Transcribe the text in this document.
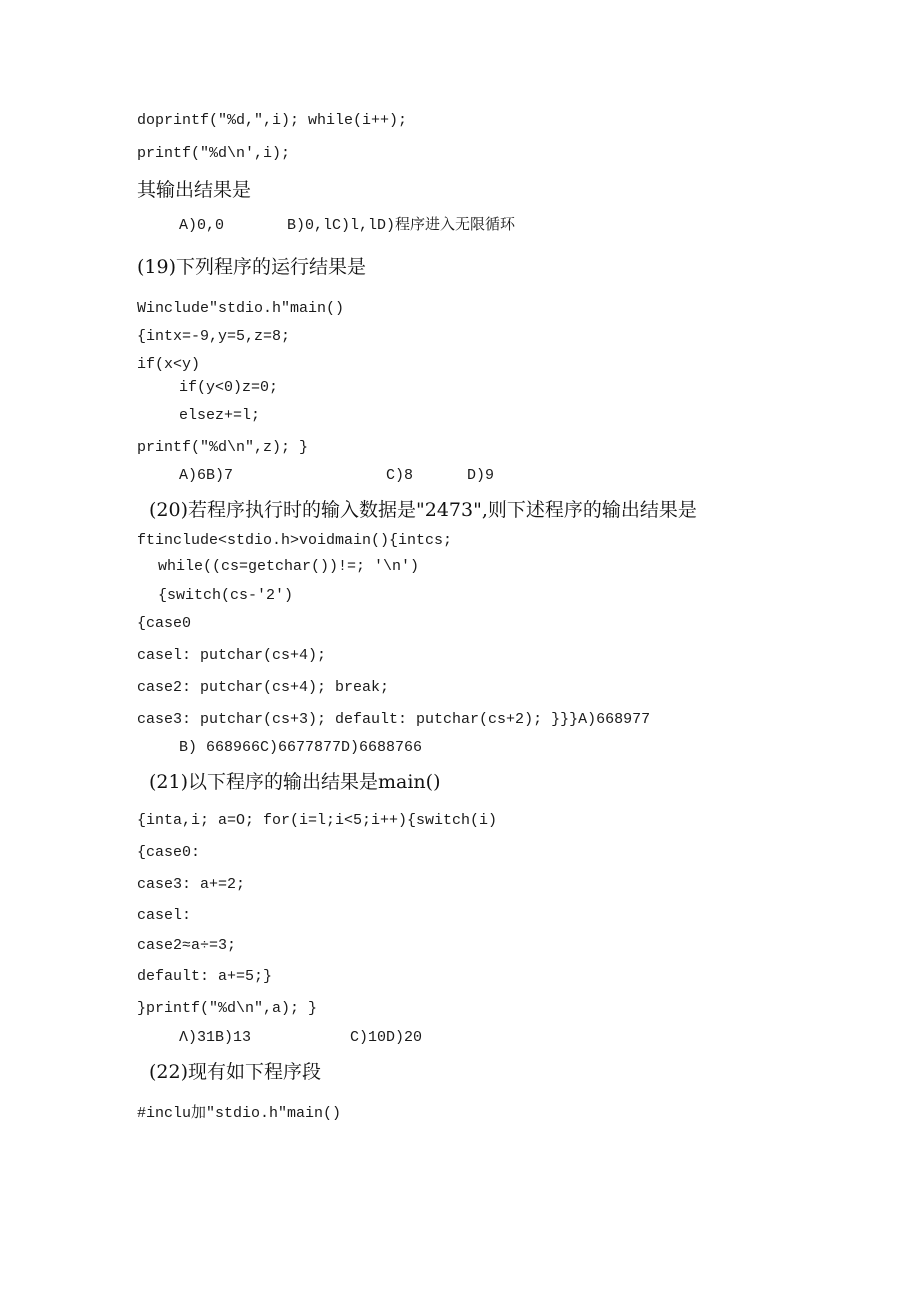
doprintf("%d,",i); while(i++);
printf("%d\n',i);
其输出结果是
A)0,0       B)0,lC)l,lD)程序进入无限循环
(19)下列程序的运行结果是
Winclude"stdio.h"main()
{intx=-9,y=5,z=8;
if(x<y)
if(y<0)z=0;
elsez+=l;
printf("%d\n",z); }
A)6B)7                 C)8      D)9
(20)若程序执行时的输入数据是"2473",则下述程序的输出结果是
ftinclude<stdio.h>voidmain(){intcs;
while((cs=getchar())!=; '\n')
{switch(cs-'2')
{case0
casel: putchar(cs+4);
case2: putchar(cs+4); break;
case3: putchar(cs+3); default: putchar(cs+2); }}}A)668977
B) 668966C)6677877D)6688766
(21)以下程序的输出结果是main()
{inta,i; a=O; for(i=l;i<5;i++){switch(i)
{case0:
case3: a+=2;
casel:
case2≈a÷=3;
default: a+=5;}
}printf("%d\n",a); }
Λ)31B)13           C)10D)20
(22)现有如下程序段
#inclu加"stdio.h"main()
